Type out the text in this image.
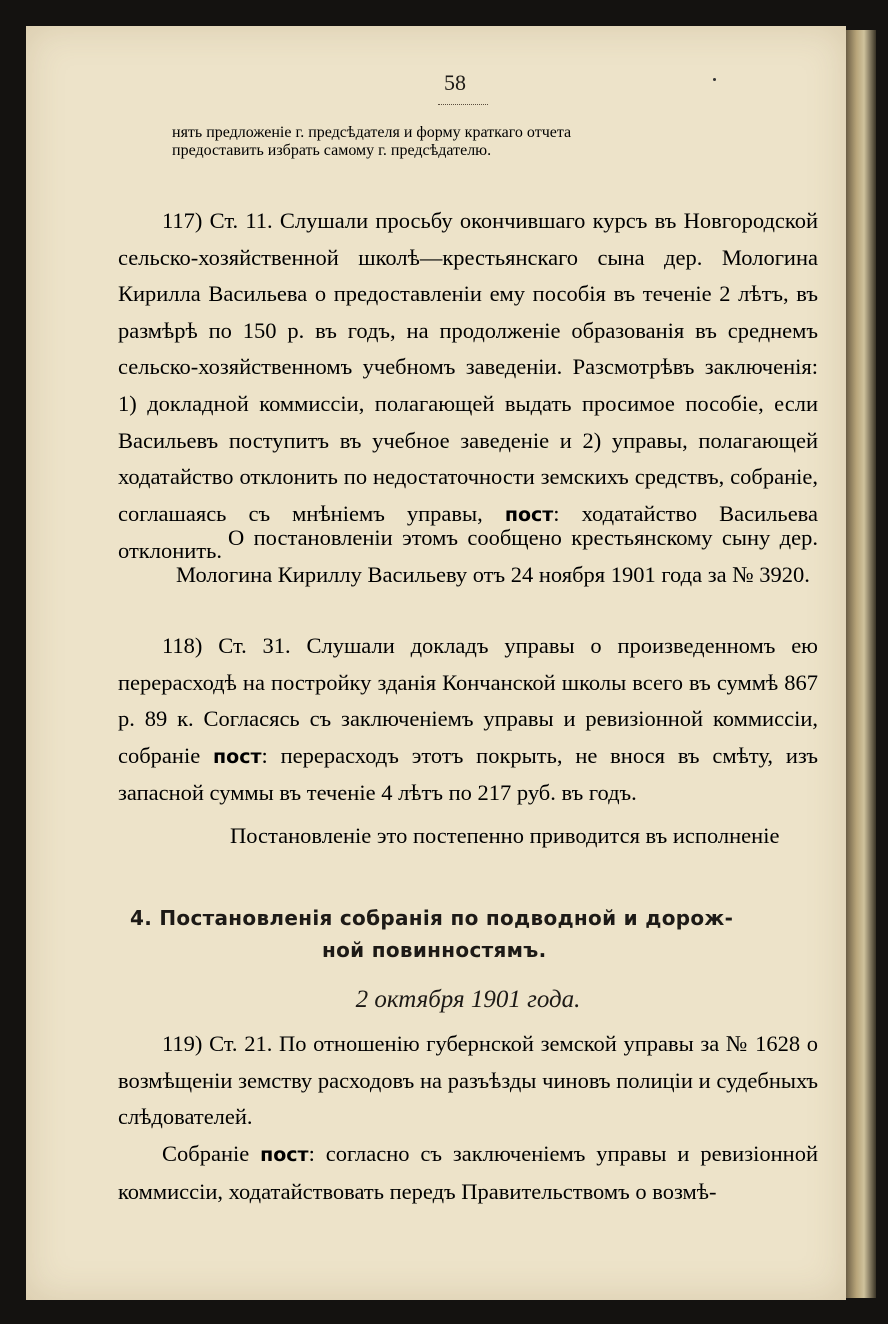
58

нять предложеніе г. предсѣдателя и форму краткаго отчета

предоставить избрать самому г. предсѣдателю.

117) Ст. 11. Слушали просьбу окончившаго курсъ въ Новгородской сельско-хозяйственной школѣ—крестьянскаго сына дер. Мологина Кирилла Васильева о предоставленіи ему пособія въ теченіе 2 лѣтъ, въ размѣрѣ по 150 р. въ годъ, на продолженіе образованія въ среднемъ сельско-хозяйственномъ учебномъ заведеніи. Разсмотрѣвъ заключенія: 1) докладной коммиссіи, полагающей выдать просимое пособіе, если Васильевъ поступитъ въ учебное заведеніе и 2) управы, полагающей ходатайство отклонить по недостаточности земскихъ средствъ, собраніе, соглашаясь съ мнѣніемъ управы, пост: ходатайство Васильева отклонить.

О постановленіи этомъ сообщено крестьянскому сыну дер. Мологина Кириллу Васильеву отъ 24 ноября 1901 года за № 3920.

118) Ст. 31. Слушали докладъ управы о произведенномъ ею перерасходѣ на постройку зданія Кончанской школы всего въ суммѣ 867 р. 89 к. Согласясь съ заключеніемъ управы и ревизіонной коммиссіи, собраніе пост: перерасходъ этотъ покрыть, не внося въ смѣту, изъ запасной суммы въ теченіе 4 лѣтъ по 217 руб. въ годъ.

Постановленіе это постепенно приводится въ исполненіе

4. Постановленія собранія по подводной и дорож-
ной повинностямъ.
2 октября 1901 года.

119) Ст. 21. По отношенію губернской земской управы за № 1628 о возмѣщеніи земству расходовъ на разъѣзды чиновъ полиціи и судебныхъ слѣдователей.

Собраніе пост: согласно съ заключеніемъ управы и ревизіонной коммиссіи, ходатайствовать передъ Правительствомъ о возмѣ-
